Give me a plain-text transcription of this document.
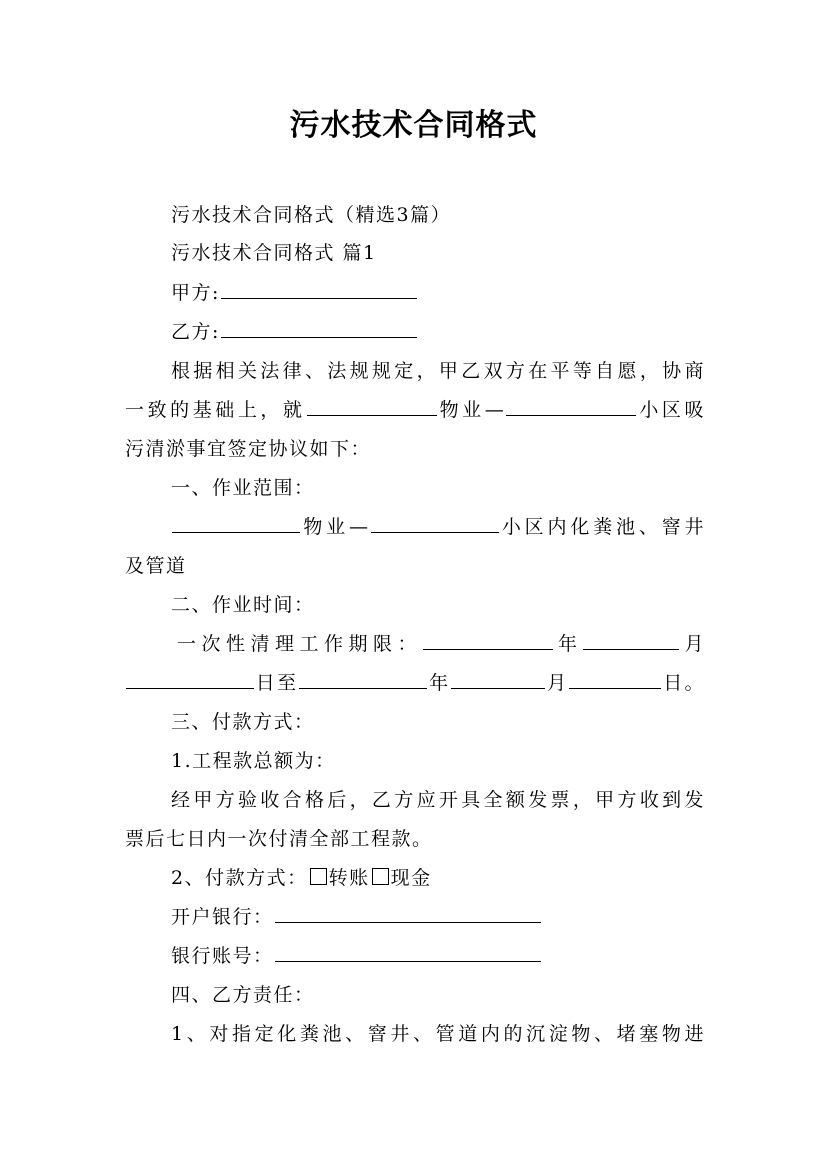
污水技术合同格式
污水技术合同格式（精选3篇）
污水技术合同格式 篇1
甲方:
乙方:
根据相关法律、法规规定，甲乙双方在平等自愿，协商
一致的基础上，就	物业—	小区吸
污清淤事宜签定协议如下：
一、作业范围：
物业—	小区内化粪池、窨井
及管道
二、作业时间：
一次性清理工作期限：	年	月
日至	年	月	日。
三、付款方式：
1.工程款总额为：
经甲方验收合格后，乙方应开具全额发票，甲方收到发
票后七日内一次付清全部工程款。
2、付款方式： 转账 现金
开户银行：
银行账号：
四、乙方责任：
1、对指定化粪池、窨井、管道内的沉淀物、堵塞物进
